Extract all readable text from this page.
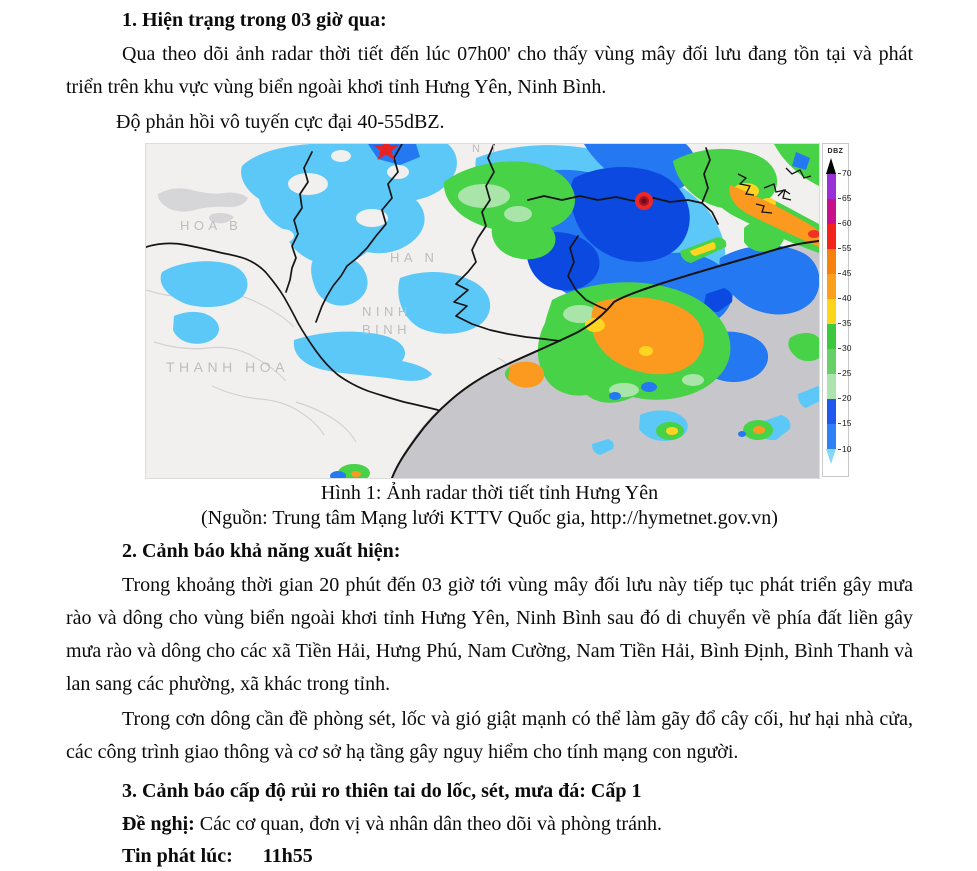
1. Hiện trạng trong 03 giờ qua:

Qua theo dõi ảnh radar thời tiết đến lúc 07h00' cho thấy vùng mây đối lưu đang tồn tại và phát triển trên khu vực vùng biển ngoài khơi tỉnh Hưng Yên, Ninh Bình.

Độ phản hồi vô tuyến cực đại 40-55dBZ.

HOA B
HA N
NINH
BINH
THANH HOA
N I	DBZ
70
65
60
55
45
40
35
30
25
20
15
10
Hình 1: Ảnh radar thời tiết tỉnh Hưng Yên
(Nguồn: Trung tâm Mạng lưới KTTV Quốc gia, http://hymetnet.gov.vn)
2. Cảnh báo khả năng xuất hiện:

Trong khoảng thời gian 20 phút đến 03 giờ tới vùng mây đối lưu này tiếp tục phát triển gây mưa rào và dông cho vùng biển ngoài khơi tỉnh Hưng Yên, Ninh Bình sau đó di chuyển về phía đất liền gây mưa rào và dông cho các xã Tiền Hải, Hưng Phú, Nam Cường, Nam Tiền Hải, Bình Định, Bình Thanh và lan sang các phường, xã khác trong tỉnh.

Trong cơn dông cần đề phòng sét, lốc và gió giật mạnh có thể làm gãy đổ cây cối, hư hại nhà cửa, các công trình giao thông và cơ sở hạ tầng gây nguy hiểm cho tính mạng con người.

3. Cảnh báo cấp độ rủi ro thiên tai do lốc, sét, mưa đá: Cấp 1
Đề nghị: Các cơ quan, đơn vị và nhân dân theo dõi và phòng tránh.
Tin phát lúc: 11h55
